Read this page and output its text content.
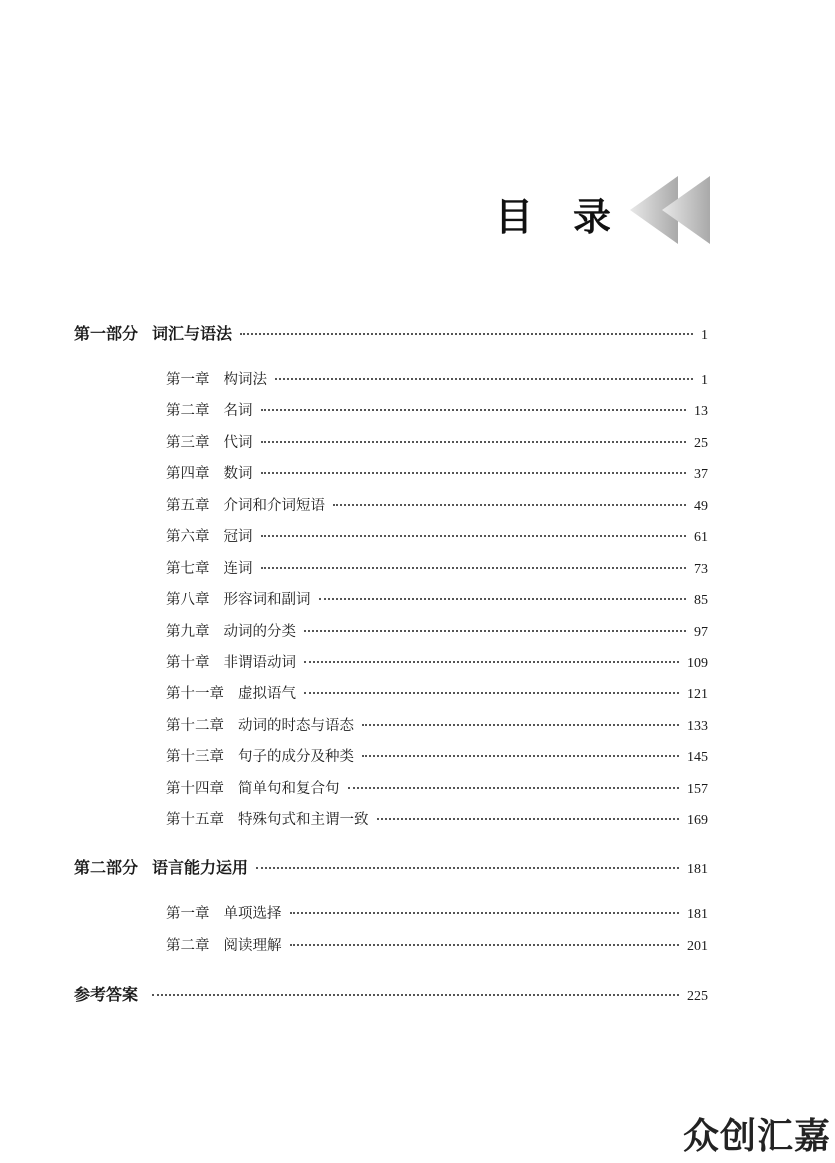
目 录
第一部分 词汇与语法	1
第一章 构词法	1
第二章 名词	13
第三章 代词	25
第四章 数词	37
第五章 介词和介词短语	49
第六章 冠词	61
第七章 连词	73
第八章 形容词和副词	85
第九章 动词的分类	97
第十章 非谓语动词	109
第十一章 虚拟语气	121
第十二章 动词的时态与语态	133
第十三章 句子的成分及种类	145
第十四章 简单句和复合句	157
第十五章 特殊句式和主谓一致	169
第二部分 语言能力运用	181
第一章 单项选择	181
第二章 阅读理解	201
参考答案	225
众创汇嘉
